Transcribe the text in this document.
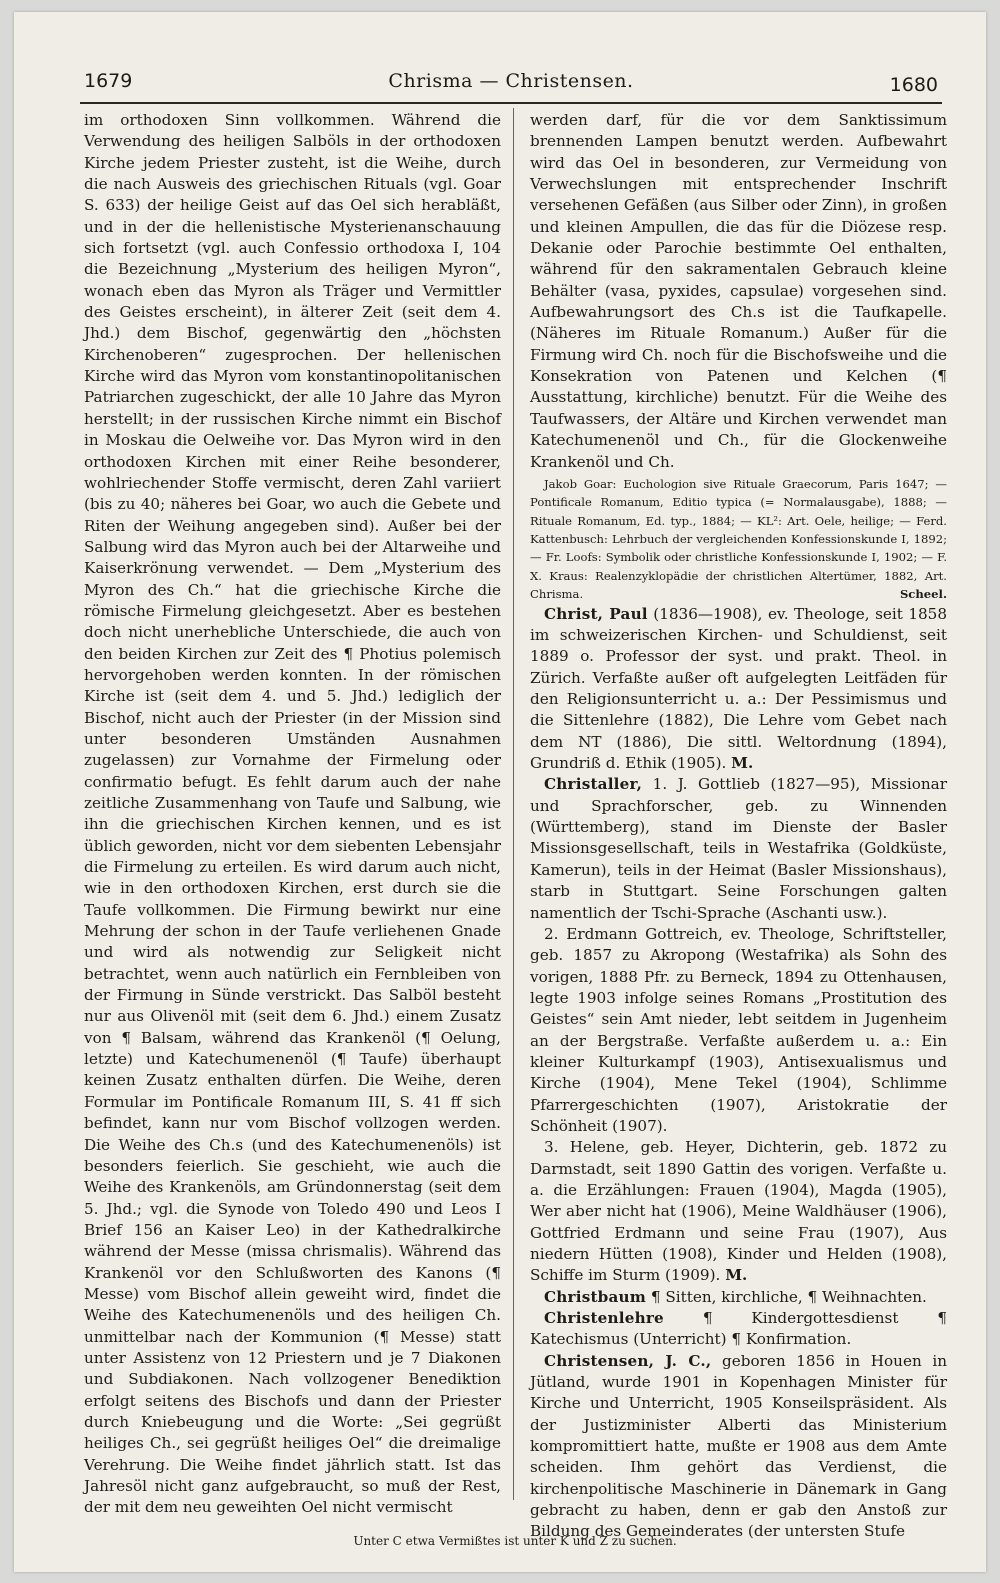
1679	Chrisma — Christensen.	1680

im orthodoxen Sinn vollkommen. Während die Verwendung des heiligen Salböls in der orthodoxen Kirche jedem Priester zusteht, ist die Weihe, durch die nach Ausweis des griechischen Rituals (vgl. Goar S. 633) der heilige Geist auf das Oel sich herabläßt, und in der die hellenistische Mysterienanschauung sich fortsetzt (vgl. auch Confessio orthodoxa I, 104 die Bezeichnung „Mysterium des heiligen Myron“, wonach eben das Myron als Träger und Vermittler des Geistes erscheint), in älterer Zeit (seit dem 4. Jhd.) dem Bischof, gegenwärtig den „höchsten Kirchenoberen“ zugesprochen. Der hellenischen Kirche wird das Myron vom konstantinopolitanischen Patriarchen zugeschickt, der alle 10 Jahre das Myron herstellt; in der russischen Kirche nimmt ein Bischof in Moskau die Oelweihe vor. Das Myron wird in den orthodoxen Kirchen mit einer Reihe besonderer, wohlriechender Stoffe vermischt, deren Zahl variiert (bis zu 40; näheres bei Goar, wo auch die Gebete und Riten der Weihung angegeben sind). Außer bei der Salbung wird das Myron auch bei der Altarweihe und Kaiserkrönung verwendet. — Dem „Mysterium des Myron des Ch.“ hat die griechische Kirche die römische Firmelung gleichgesetzt. Aber es bestehen doch nicht unerhebliche Unterschiede, die auch von den beiden Kirchen zur Zeit des ¶ Photius polemisch hervorgehoben werden konnten. In der römischen Kirche ist (seit dem 4. und 5. Jhd.) lediglich der Bischof, nicht auch der Priester (in der Mission sind unter besonderen Umständen Ausnahmen zugelassen) zur Vornahme der Firmelung oder confirmatio befugt. Es fehlt darum auch der nahe zeitliche Zusammenhang von Taufe und Salbung, wie ihn die griechischen Kirchen kennen, und es ist üblich geworden, nicht vor dem siebenten Lebensjahr die Firmelung zu erteilen. Es wird darum auch nicht, wie in den orthodoxen Kirchen, erst durch sie die Taufe vollkommen. Die Firmung bewirkt nur eine Mehrung der schon in der Taufe verliehenen Gnade und wird als notwendig zur Seligkeit nicht betrachtet, wenn auch natürlich ein Fernbleiben von der Firmung in Sünde verstrickt. Das Salböl besteht nur aus Olivenöl mit (seit dem 6. Jhd.) einem Zusatz von ¶ Balsam, während das Krankenöl (¶ Oelung, letzte) und Katechumenenöl (¶ Taufe) überhaupt keinen Zusatz enthalten dürfen. Die Weihe, deren Formular im Pontificale Romanum III, S. 41 ff sich befindet, kann nur vom Bischof vollzogen werden. Die Weihe des Ch.s (und des Katechumenenöls) ist besonders feierlich. Sie geschieht, wie auch die Weihe des Krankenöls, am Gründonnerstag (seit dem 5. Jhd.; vgl. die Synode von Toledo 490 und Leos I Brief 156 an Kaiser Leo) in der Kathedralkirche während der Messe (missa chrismalis). Während das Krankenöl vor den Schlußworten des Kanons (¶ Messe) vom Bischof allein geweiht wird, findet die Weihe des Katechumenenöls und des heiligen Ch. unmittelbar nach der Kommunion (¶ Messe) statt unter Assistenz von 12 Priestern und je 7 Diakonen und Subdiakonen. Nach vollzogener Benediktion erfolgt seitens des Bischofs und dann der Priester durch Kniebeugung und die Worte: „Sei gegrüßt heiliges Ch., sei gegrüßt heiliges Oel“ die dreimalige Verehrung. Die Weihe findet jährlich statt. Ist das Jahresöl nicht ganz aufgebraucht, so muß der Rest, der mit dem neu geweihten Oel nicht vermischt

werden darf, für die vor dem Sanktissimum brennenden Lampen benutzt werden. Aufbewahrt wird das Oel in besonderen, zur Vermeidung von Verwechslungen mit entsprechender Inschrift versehenen Gefäßen (aus Silber oder Zinn), in großen und kleinen Ampullen, die das für die Diözese resp. Dekanie oder Parochie bestimmte Oel enthalten, während für den sakramentalen Gebrauch kleine Behälter (vasa, pyxides, capsulae) vorgesehen sind. Aufbewahrungsort des Ch.s ist die Taufkapelle. (Näheres im Rituale Romanum.) Außer für die Firmung wird Ch. noch für die Bischofsweihe und die Konsekration von Patenen und Kelchen (¶ Ausstattung, kirchliche) benutzt. Für die Weihe des Taufwassers, der Altäre und Kirchen verwendet man Katechumenenöl und Ch., für die Glockenweihe Krankenöl und Ch.

Jakob Goar: Euchologion sive Rituale Graecorum, Paris 1647; — Pontificale Romanum, Editio typica (= Normalausgabe), 1888; — Rituale Romanum, Ed. typ., 1884; — KL²: Art. Oele, heilige; — Ferd. Kattenbusch: Lehrbuch der vergleichenden Konfessionskunde I, 1892; — Fr. Loofs: Symbolik oder christliche Konfessionskunde I, 1902; — F. X. Kraus: Realenzyklopädie der christlichen Altertümer, 1882, Art. Chrisma.	Scheel.

Christ, Paul (1836—1908), ev. Theologe, seit 1858 im schweizerischen Kirchen- und Schuldienst, seit 1889 o. Professor der syst. und prakt. Theol. in Zürich. Verfaßte außer oft aufgelegten Leitfäden für den Religionsunterricht u. a.: Der Pessimismus und die Sittenlehre (1882), Die Lehre vom Gebet nach dem NT (1886), Die sittl. Weltordnung (1894), Grundriß d. Ethik (1905). M.

Christaller, 1. J. Gottlieb (1827—95), Missionar und Sprachforscher, geb. zu Winnenden (Württemberg), stand im Dienste der Basler Missionsgesellschaft, teils in Westafrika (Goldküste, Kamerun), teils in der Heimat (Basler Missionshaus), starb in Stuttgart. Seine Forschungen galten namentlich der Tschi-Sprache (Aschanti usw.).

2. Erdmann Gottreich, ev. Theologe, Schriftsteller, geb. 1857 zu Akropong (Westafrika) als Sohn des vorigen, 1888 Pfr. zu Berneck, 1894 zu Ottenhausen, legte 1903 infolge seines Romans „Prostitution des Geistes“ sein Amt nieder, lebt seitdem in Jugenheim an der Bergstraße. Verfaßte außerdem u. a.: Ein kleiner Kulturkampf (1903), Antisexualismus und Kirche (1904), Mene Tekel (1904), Schlimme Pfarrergeschichten (1907), Aristokratie der Schönheit (1907).

3. Helene, geb. Heyer, Dichterin, geb. 1872 zu Darmstadt, seit 1890 Gattin des vorigen. Verfaßte u. a. die Erzählungen: Frauen (1904), Magda (1905), Wer aber nicht hat (1906), Meine Waldhäuser (1906), Gottfried Erdmann und seine Frau (1907), Aus niedern Hütten (1908), Kinder und Helden (1908), Schiffe im Sturm (1909). M.

Christbaum ¶ Sitten, kirchliche, ¶ Weihnachten.

Christenlehre ¶ Kindergottesdienst ¶ Katechismus (Unterricht) ¶ Konfirmation.

Christensen, J. C., geboren 1856 in Houen in Jütland, wurde 1901 in Kopenhagen Minister für Kirche und Unterricht, 1905 Konseilspräsident. Als der Justizminister Alberti das Ministerium kompromittiert hatte, mußte er 1908 aus dem Amte scheiden. Ihm gehört das Verdienst, die kirchenpolitische Maschinerie in Dänemark in Gang gebracht zu haben, denn er gab den Anstoß zur Bildung des Gemeinderates (der untersten Stufe

Unter C etwa Vermißtes ist unter K und Z zu suchen.
